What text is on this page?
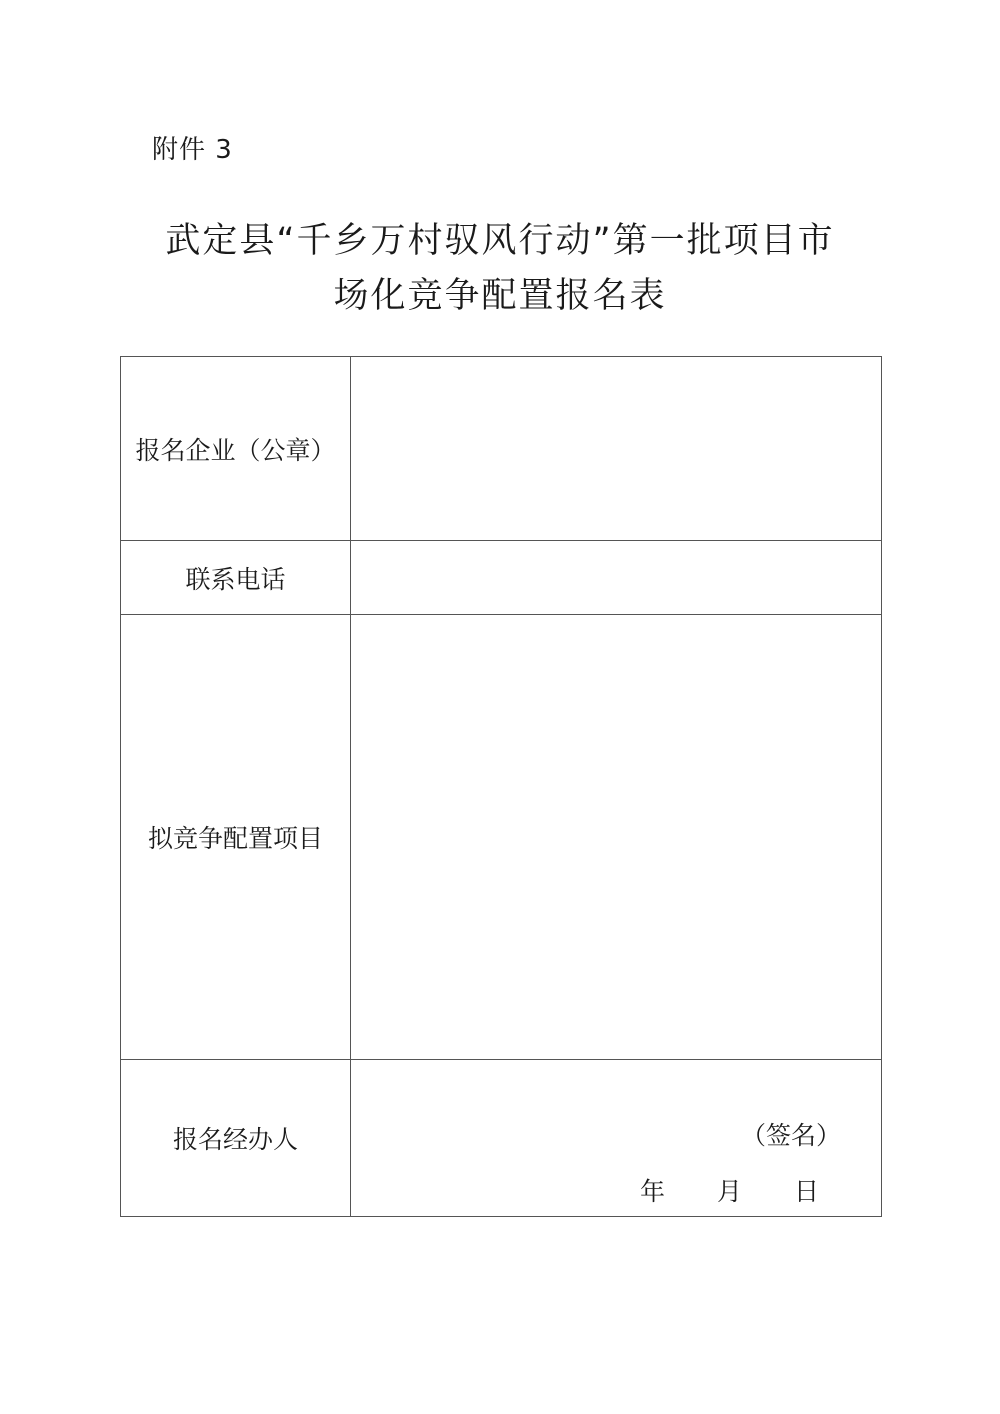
附件 3
武定县“千乡万村驭风行动”第一批项目市
场化竞争配置报名表
报名企业（公章）	
联系电话	
拟竞争配置项目	
报名经办人	（签名）
年 月 日
